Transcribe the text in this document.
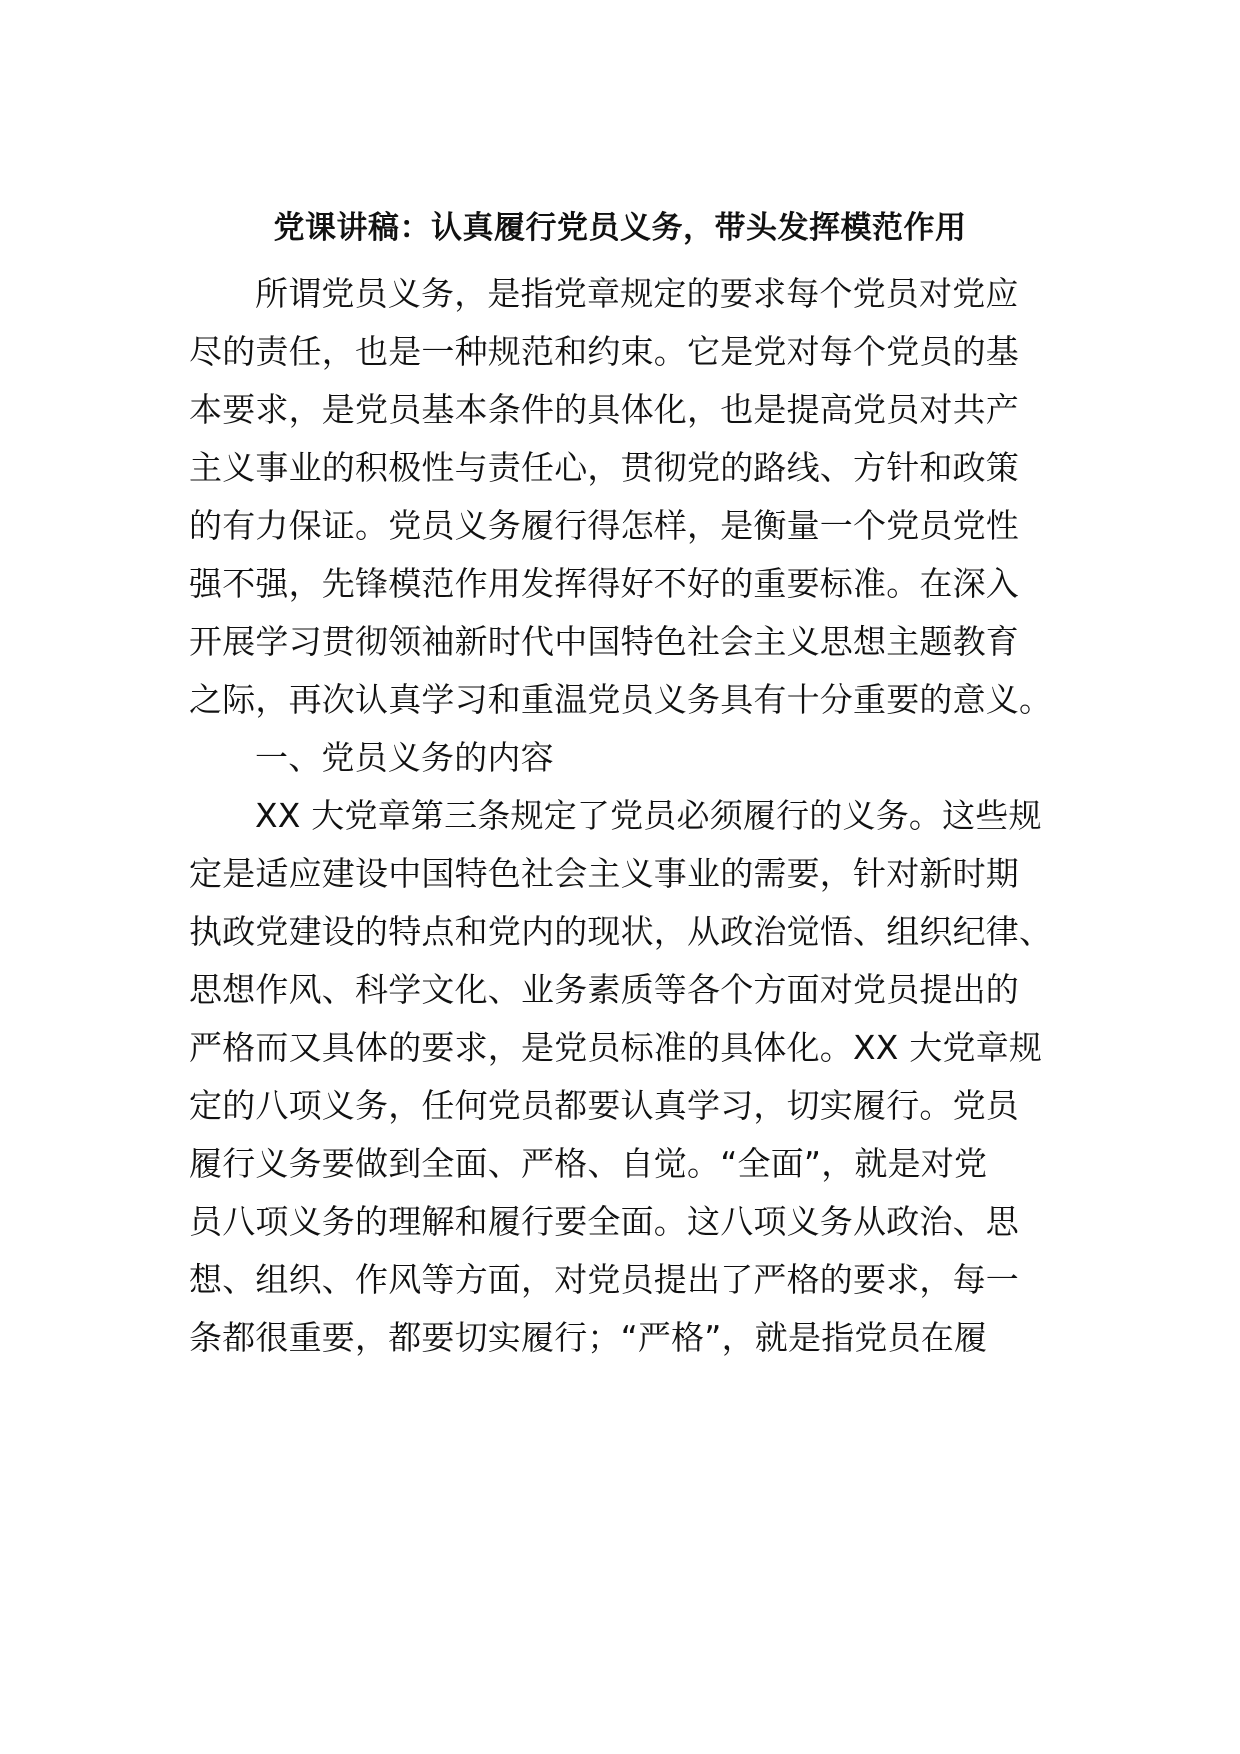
党课讲稿：认真履行党员义务，带头发挥模范作用
所谓党员义务，是指党章规定的要求每个党员对党应
尽的责任，也是一种规范和约束。它是党对每个党员的基
本要求，是党员基本条件的具体化，也是提高党员对共产
主义事业的积极性与责任心，贯彻党的路线、方针和政策
的有力保证。党员义务履行得怎样，是衡量一个党员党性
强不强，先锋模范作用发挥得好不好的重要标准。在深入
开展学习贯彻领袖新时代中国特色社会主义思想主题教育
之际，再次认真学习和重温党员义务具有十分重要的意义。
一、党员义务的内容
XX 大党章第三条规定了党员必须履行的义务。这些规
定是适应建设中国特色社会主义事业的需要，针对新时期
执政党建设的特点和党内的现状，从政治觉悟、组织纪律、
思想作风、科学文化、业务素质等各个方面对党员提出的
严格而又具体的要求，是党员标准的具体化。XX 大党章规
定的八项义务，任何党员都要认真学习，切实履行。党员
履行义务要做到全面、严格、自觉。“全面”，就是对党
员八项义务的理解和履行要全面。这八项义务从政治、思
想、组织、作风等方面，对党员提出了严格的要求，每一
条都很重要，都要切实履行；“严格”，就是指党员在履
